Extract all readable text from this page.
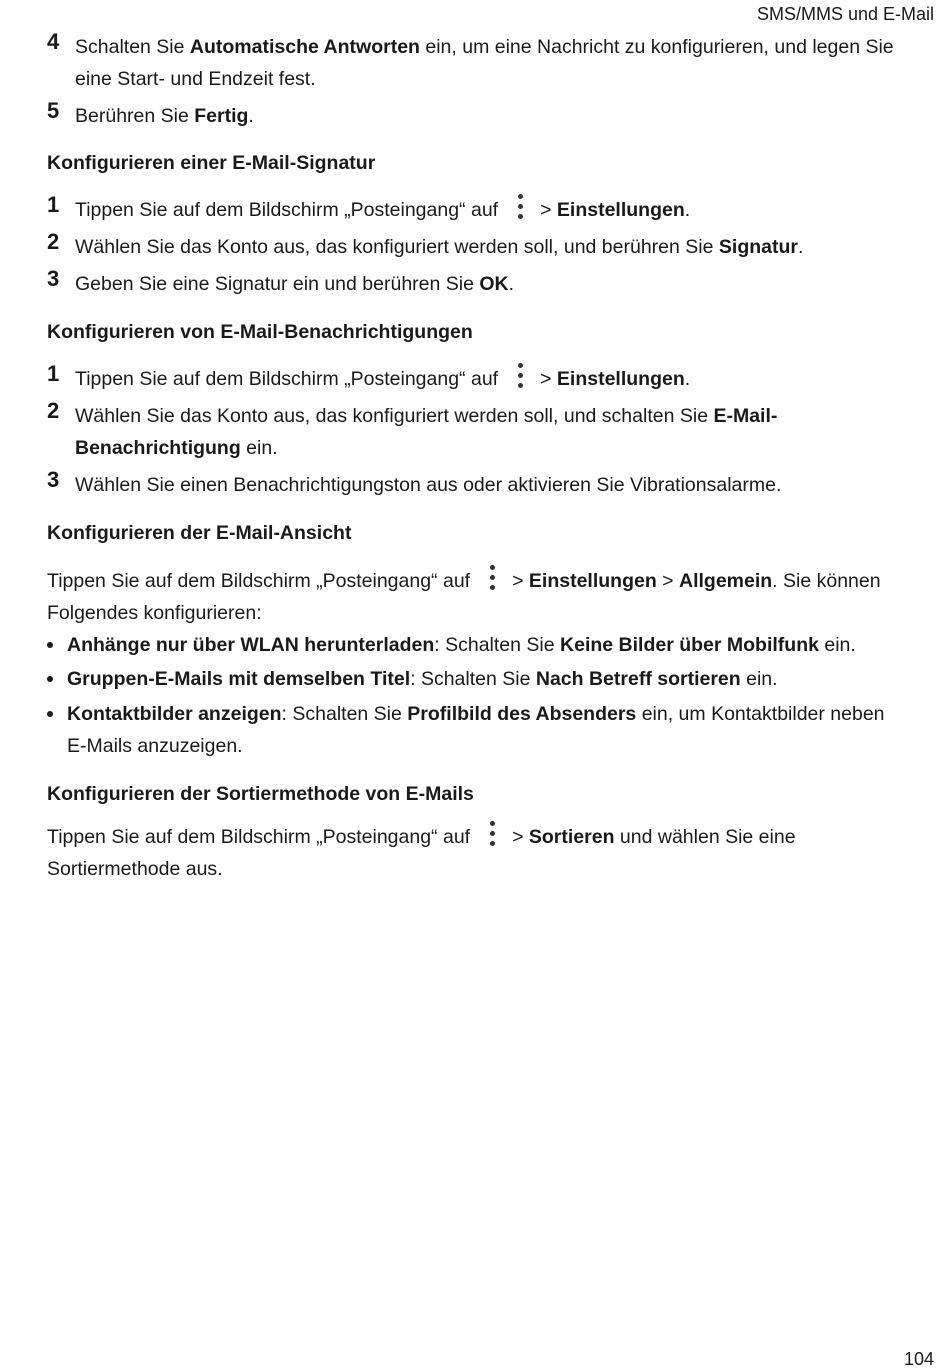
SMS/MMS und E-Mail
4 Schalten Sie Automatische Antworten ein, um eine Nachricht zu konfigurieren, und legen Sie eine Start- und Endzeit fest.
5 Berühren Sie Fertig.
Konfigurieren einer E-Mail-Signatur
1 Tippen Sie auf dem Bildschirm „Posteingang“ auf > Einstellungen.
2 Wählen Sie das Konto aus, das konfiguriert werden soll, und berühren Sie Signatur.
3 Geben Sie eine Signatur ein und berühren Sie OK.
Konfigurieren von E-Mail-Benachrichtigungen
1 Tippen Sie auf dem Bildschirm „Posteingang“ auf > Einstellungen.
2 Wählen Sie das Konto aus, das konfiguriert werden soll, und schalten Sie E-Mail-Benachrichtigung ein.
3 Wählen Sie einen Benachrichtigungston aus oder aktivieren Sie Vibrationsalarme.
Konfigurieren der E-Mail-Ansicht
Tippen Sie auf dem Bildschirm „Posteingang“ auf > Einstellungen > Allgemein. Sie können Folgendes konfigurieren:
Anhänge nur über WLAN herunterladen: Schalten Sie Keine Bilder über Mobilfunk ein.
Gruppen-E-Mails mit demselben Titel: Schalten Sie Nach Betreff sortieren ein.
Kontaktbilder anzeigen: Schalten Sie Profilbild des Absenders ein, um Kontaktbilder neben E-Mails anzuzeigen.
Konfigurieren der Sortiermethode von E-Mails
Tippen Sie auf dem Bildschirm „Posteingang“ auf > Sortieren und wählen Sie eine Sortiermethode aus.
104
